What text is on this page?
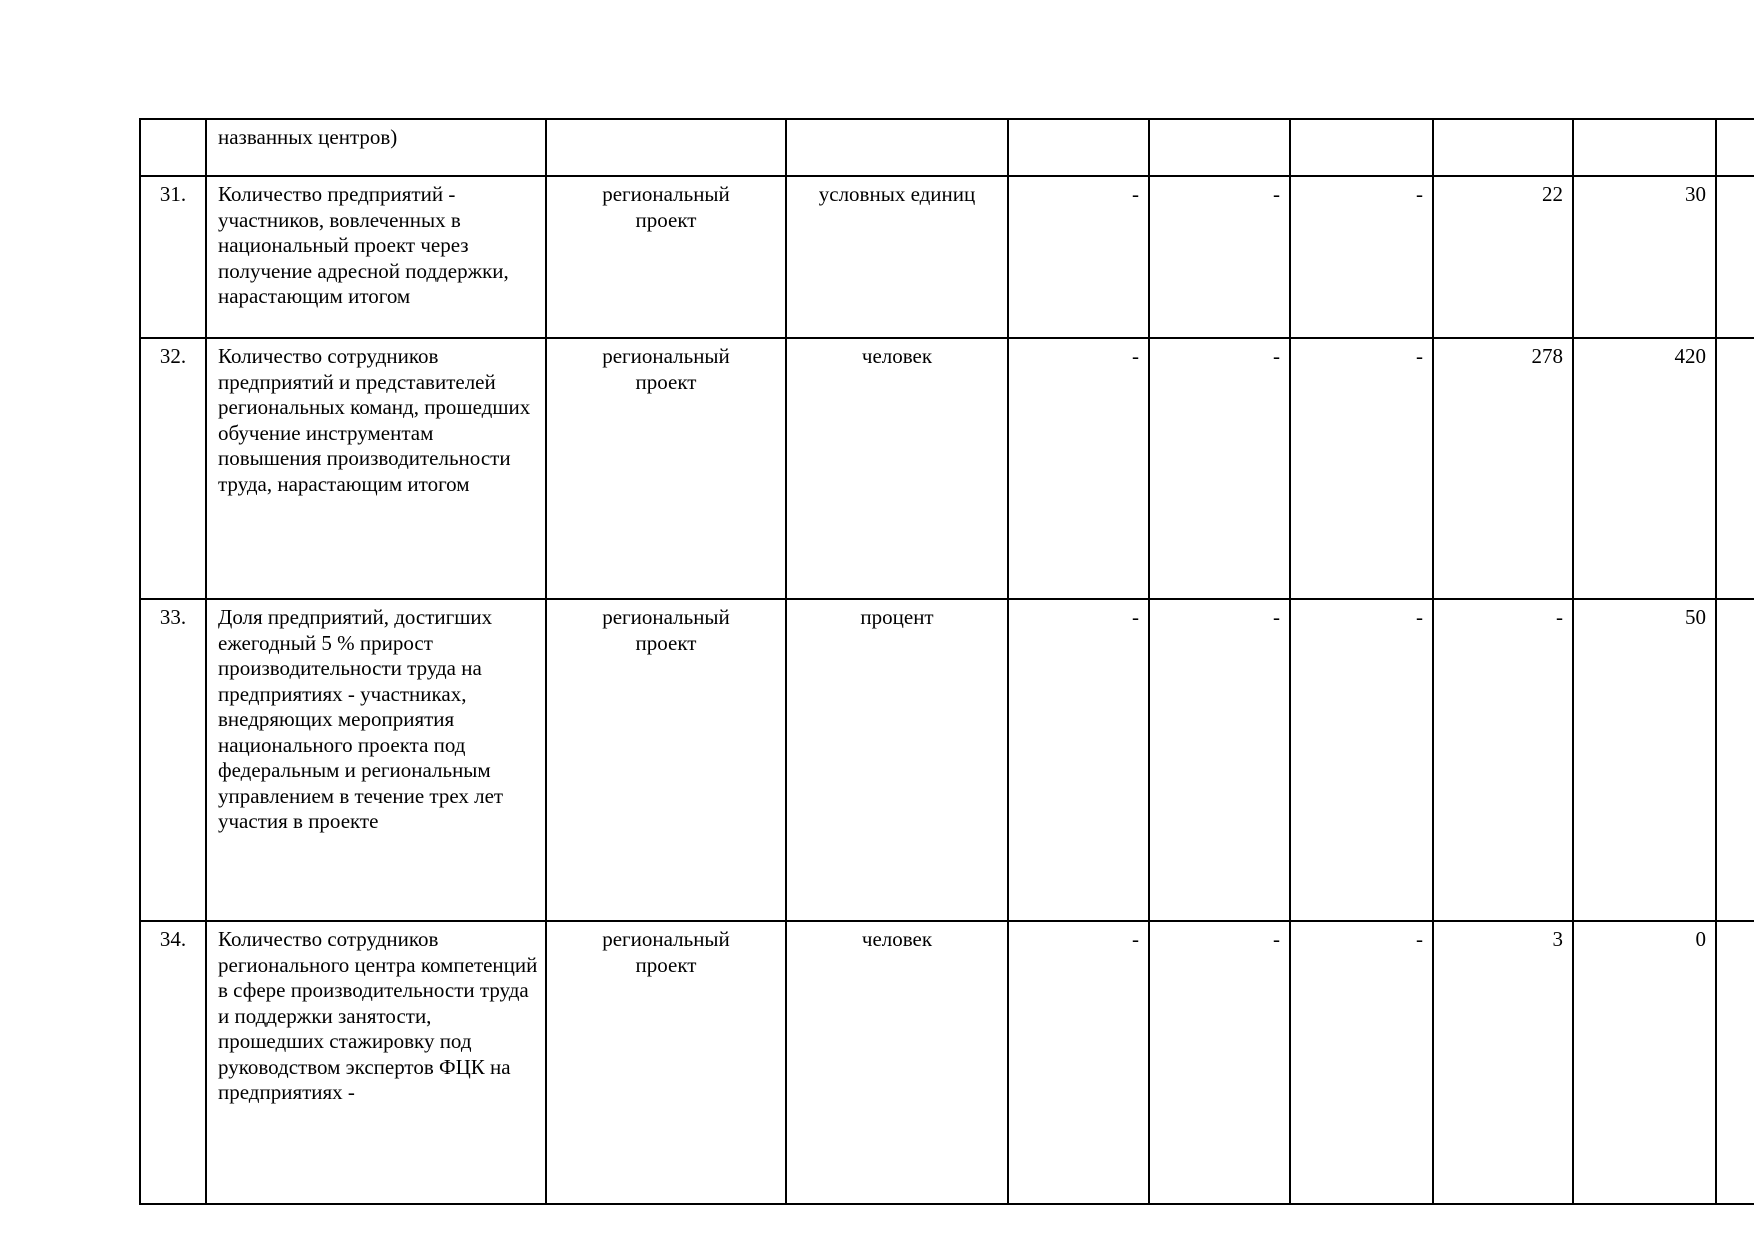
	названных центров)								
31.	Количество предприятий - участников, вовлеченных в национальный проект через получение адресной поддержки, нарастающим итогом	региональный проект	условных единиц	-	-	-	22	30	
32.	Количество сотрудников предприятий и представителей региональных команд, прошедших обучение инструментам повышения производительности труда, нарастающим итогом	региональный проект	человек	-	-	-	278	420	
33.	Доля предприятий, достигших ежегодный 5 % прирост производительности труда на предприятиях - участниках, внедряющих мероприятия национального проекта под федеральным и региональным управлением в течение трех лет участия в проекте	региональный проект	процент	-	-	-	-	50	
34.	Количество сотрудников регионального центра компетенций в сфере производительности труда и поддержки занятости, прошедших стажировку под руководством экспертов ФЦК на предприятиях -	региональный проект	человек	-	-	-	3	0	
